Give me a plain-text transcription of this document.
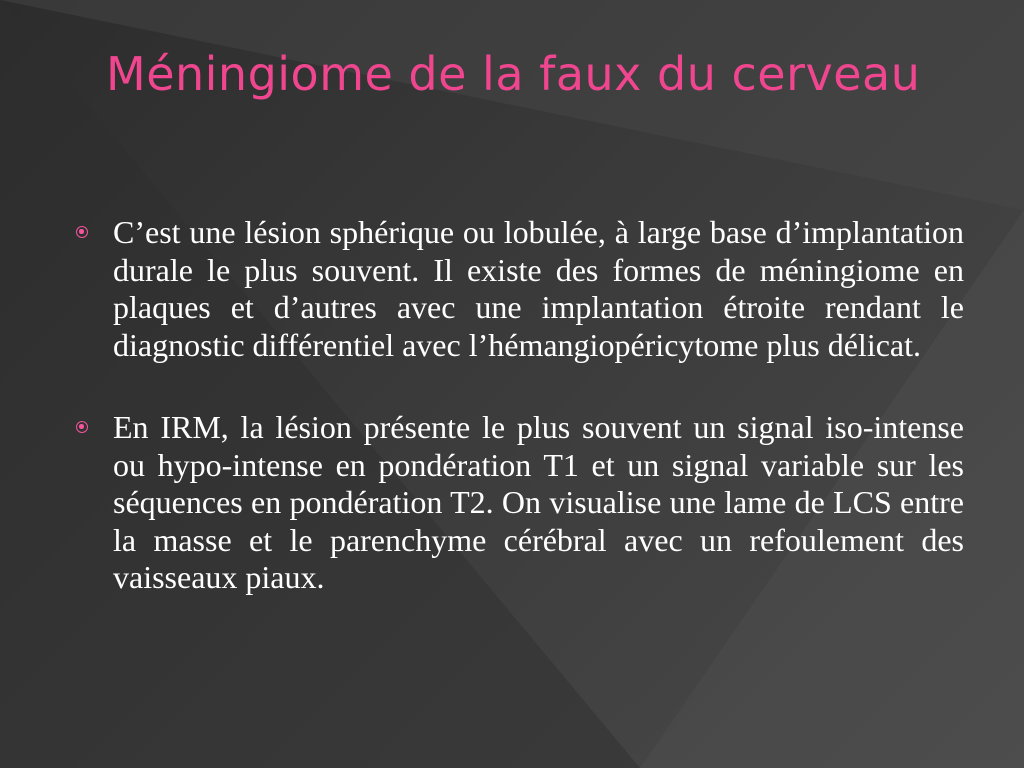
Méningiome de la faux du cerveau

C’est une lésion sphérique ou lobulée, à large base d’implantation durale le plus souvent. Il existe des formes de méningiome en plaques et d’autres avec une implantation étroite rendant le diagnostic différentiel avec l’hémangiopéricytome plus délicat.

En IRM, la lésion présente le plus souvent un signal iso-intense ou hypo-intense en pondération T1 et un signal variable sur les séquences en pondération T2. On visualise une lame de LCS entre la masse et le parenchyme cérébral avec un refoulement des vaisseaux piaux.
